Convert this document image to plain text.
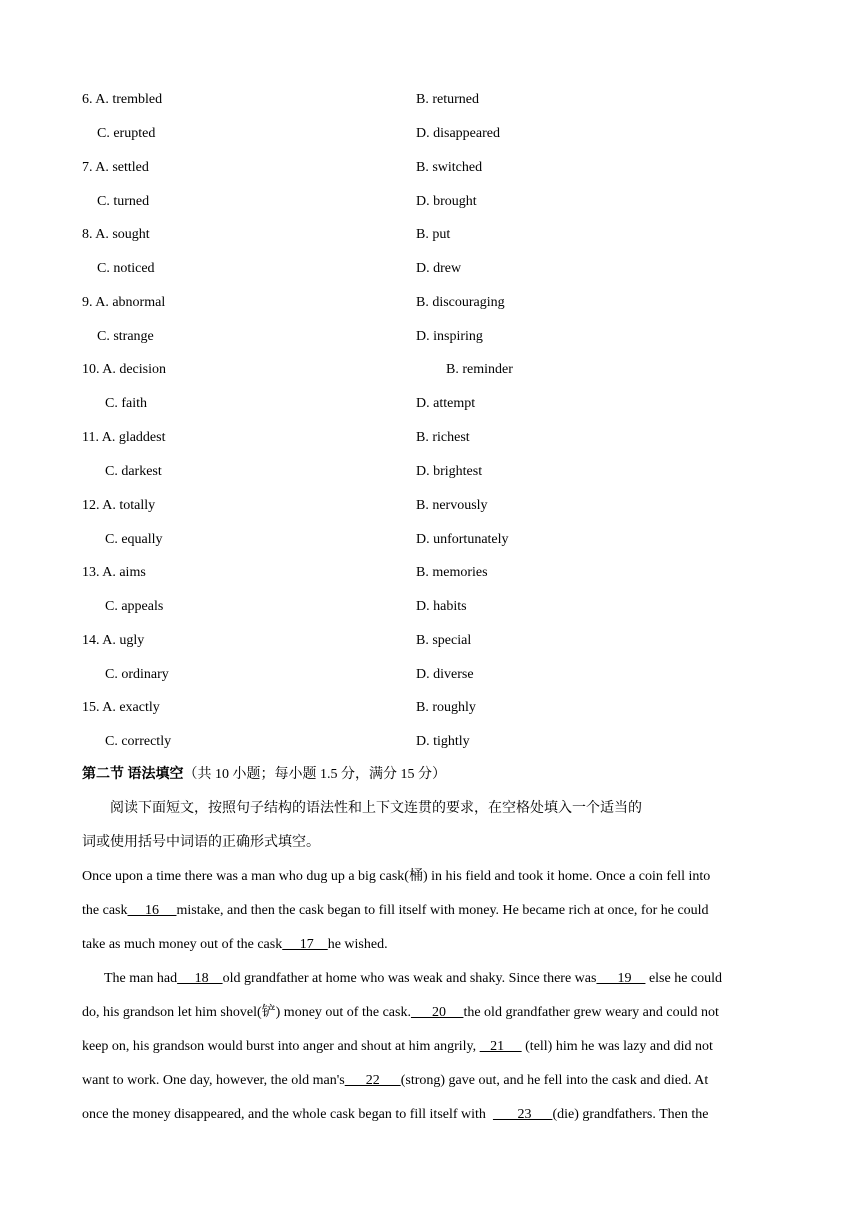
6. A. trembled	B. returned
C. erupted	D. disappeared
7. A. settled	B. switched
C. turned	D. brought
8. A. sought	B. put
C. noticed	D. drew
9. A. abnormal	B. discouraging
C. strange	D. inspiring
10. A. decision	B. reminder
C. faith	D. attempt
11. A. gladdest	B. richest
C. darkest	D. brightest
12. A. totally	B. nervously
C. equally	D. unfortunately
13. A. aims	B. memories
C. appeals	D. habits
14. A. ugly	B. special
C. ordinary	D. diverse
15. A. exactly	B. roughly
C. correctly	D. tightly
第二节 语法填空（共 10 小题；每小题 1.5 分，满分 15 分）
阅读下面短文，按照句子结构的语法性和上下文连贯的要求，在空格处填入一个适当的
词或使用括号中词语的正确形式填空。
Once upon a time there was a man who dug up a big cask(桶) in his field and took it home. Once a coin fell into
the cask     16     mistake, and then the cask began to fill itself with money. He became rich at once, for he could
take as much money out of the cask     17    he wished.
The man had     18    old grandfather at home who was weak and shaky. Since there was      19     else he could
do, his grandson let him shovel(铲) money out of the cask.      20     the old grandfather grew weary and could not
keep on, his grandson would burst into anger and shout at him angrily,    21      (tell) him he was lazy and did not
want to work. One day, however, the old man's      22      (strong) gave out, and he fell into the cask and died. At
once the money disappeared, and the whole cask began to fill itself with         23      (die) grandfathers. Then the
